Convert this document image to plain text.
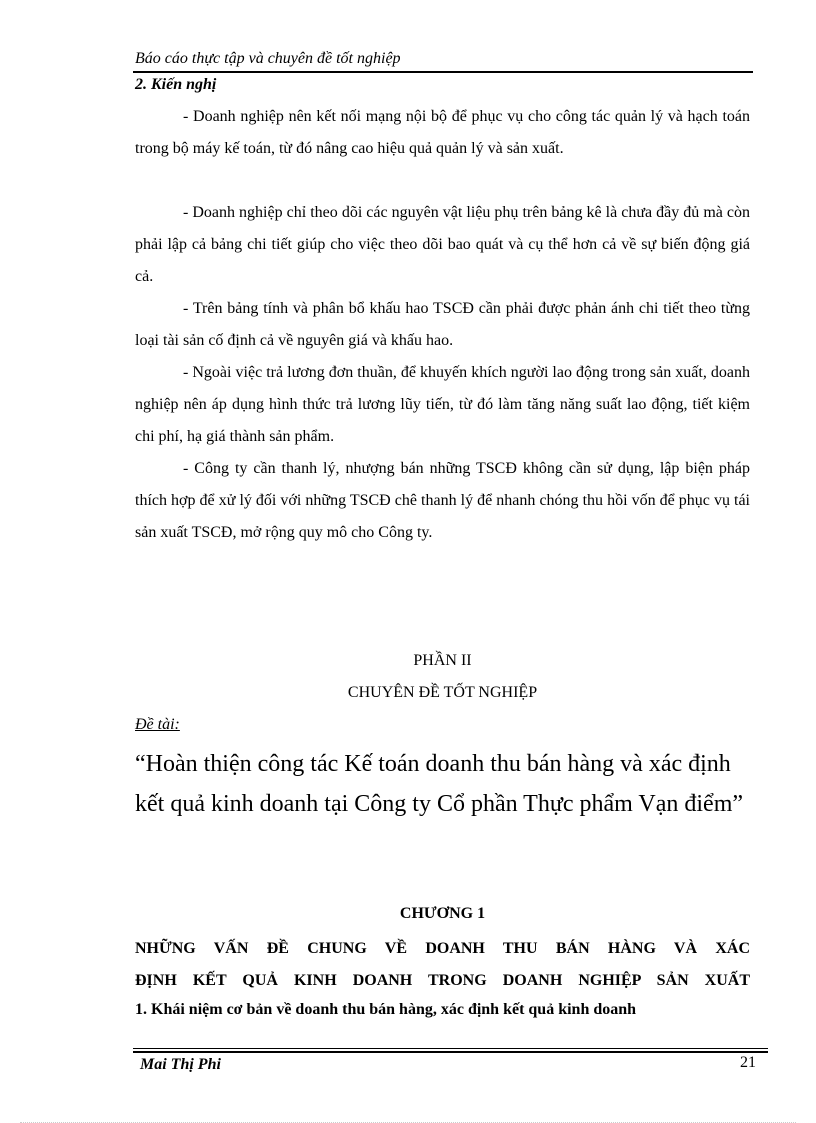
Báo cáo thực tập và chuyên đề tốt nghiệp
2. Kiến nghị

- Doanh nghiệp nên kết nối mạng nội bộ để phục vụ cho công tác quản lý và hạch toán trong bộ máy kế toán, từ đó nâng cao hiệu quả quản lý và sản xuất.

- Doanh nghiệp chỉ theo dõi các nguyên vật liệu phụ trên bảng kê là chưa đầy đủ mà còn phải lập cả bảng chi tiết giúp cho việc theo dõi bao quát và cụ thể hơn cả về sự biến động giá cả.

- Trên bảng tính và phân bổ khấu hao TSCĐ cần phải được phản ánh chi tiết theo từng loại tài sản cố định cả về nguyên giá và khấu hao.

- Ngoài việc trả lương đơn thuần, để khuyến khích người lao động trong sản xuất, doanh nghiệp nên áp dụng hình thức trả lương lũy tiến, từ đó làm tăng năng suất lao động, tiết kiệm chi phí, hạ giá thành sản phẩm.

- Công ty cần thanh lý, nhượng bán những TSCĐ không cần sử dụng, lập biện pháp thích hợp để xử lý đối với những TSCĐ chê thanh lý để nhanh chóng thu hồi vốn để phục vụ tái sản xuất TSCĐ, mở rộng quy mô cho Công ty.

PHẦN II
CHUYÊN ĐỀ TỐT NGHIỆP
Đề tài:
“Hoàn thiện công tác Kế toán doanh thu bán hàng và xác định kết quả kinh doanh tại Công ty Cổ phần Thực phẩm Vạn điểm”
CHƯƠNG 1
NHỮNG VẤN ĐỀ CHUNG VỀ DOANH THU BÁN HÀNG VÀ XÁC
ĐỊNH KẾT QUẢ KINH DOANH TRONG DOANH NGHIỆP SẢN XUẤT
1. Khái niệm cơ bản về doanh thu bán hàng, xác định kết quả kinh doanh
Mai Thị Phi	21
